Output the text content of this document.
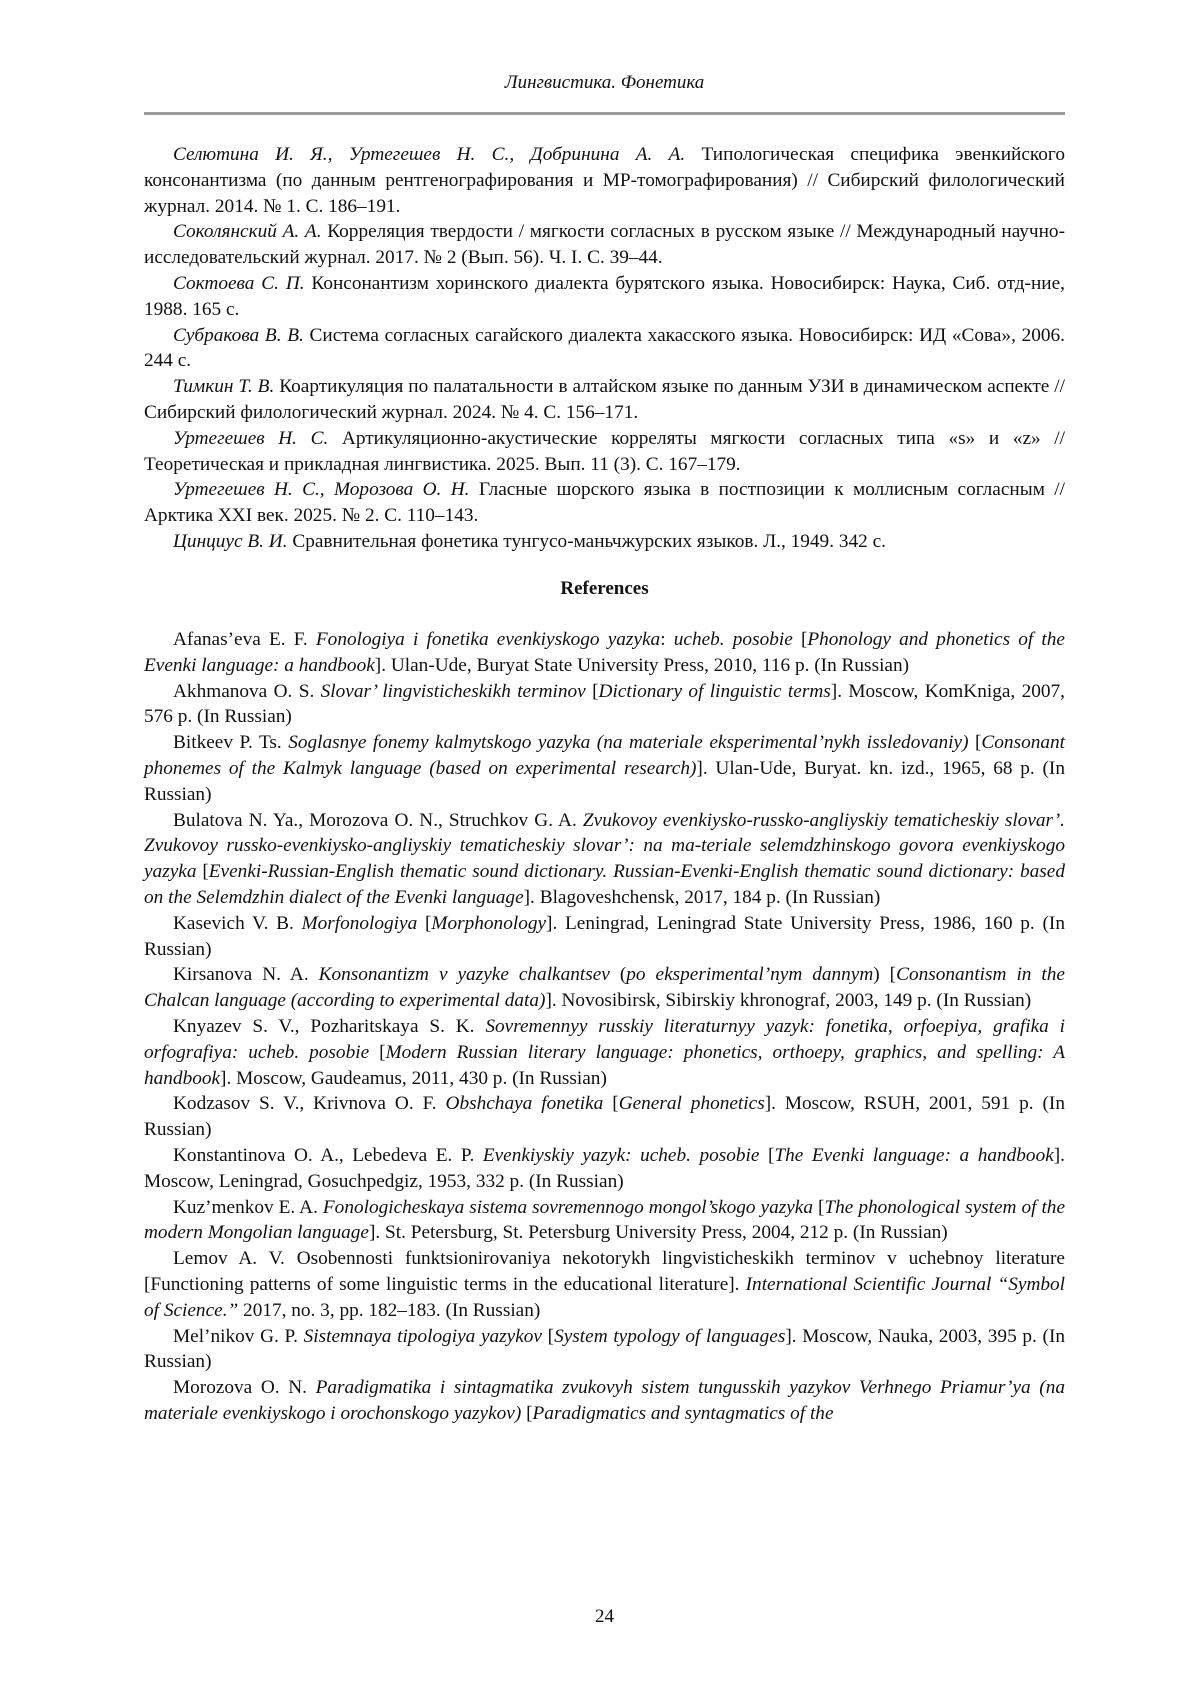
Лингвистика. Фонетика

Селютина И. Я., Уртегешев Н. С., Добринина А. А. Типологическая специфика эвенкийского консонантизма (по данным рентгенографирования и МР-томографирования) // Сибирский филологический журнал. 2014. № 1. С. 186–191.

Соколянский А. А. Корреляция твердости / мягкости согласных в русском языке // Международный научно-исследовательский журнал. 2017. № 2 (Вып. 56). Ч. I. С. 39–44.

Соктоева С. П. Консонантизм хоринского диалекта бурятского языка. Новосибирск: Наука, Сиб. отд-ние, 1988. 165 с.

Субракова В. В. Система согласных сагайского диалекта хакасского языка. Новосибирск: ИД «Сова», 2006. 244 с.

Тимкин Т. В. Коартикуляция по палатальности в алтайском языке по данным УЗИ в динамическом аспекте // Сибирский филологический журнал. 2024. № 4. С. 156–171.

Уртегешев Н. С. Артикуляционно-акустические корреляты мягкости согласных типа «s» и «z» // Теоретическая и прикладная лингвистика. 2025. Вып. 11 (3). С. 167–179.

Уртегешев Н. С., Морозова О. Н. Гласные шорского языка в постпозиции к моллисным согласным // Арктика XXI век. 2025. № 2. С. 110–143.

Цинциус В. И. Сравнительная фонетика тунгусо-маньчжурских языков. Л., 1949. 342 с.

References

Afanas’eva E. F. Fonologiya i fonetika evenkiyskogo yazyka: ucheb. posobie [Phonology and phonetics of the Evenki language: a handbook]. Ulan-Ude, Buryat State University Press, 2010, 116 p. (In Russian)

Akhmanova O. S. Slovar’ lingvisticheskikh terminov [Dictionary of linguistic terms]. Moscow, KomKniga, 2007, 576 p. (In Russian)

Bitkeev P. Ts. Soglasnye fonemy kalmytskogo yazyka (na materiale eksperimental’nykh issledovaniy) [Consonant phonemes of the Kalmyk language (based on experimental research)]. Ulan-Ude, Buryat. kn. izd., 1965, 68 p. (In Russian)

Bulatova N. Ya., Morozova O. N., Struchkov G. A. Zvukovoy evenkiysko-russko-angliyskiy tematicheskiy slovar’. Zvukovoy russko-evenkiysko-angliyskiy tematicheskiy slovar’: na ma-teriale selemdzhinskogo govora evenkiyskogo yazyka [Evenki-Russian-English thematic sound dictionary. Russian-Evenki-English thematic sound dictionary: based on the Selemdzhin dialect of the Evenki language]. Blagoveshchensk, 2017, 184 p. (In Russian)

Kasevich V. B. Morfonologiya [Morphonology]. Leningrad, Leningrad State University Press, 1986, 160 p. (In Russian)

Kirsanova N. A. Konsonantizm v yazyke chalkantsev (po eksperimental’nym dannym) [Consonantism in the Chalcan language (according to experimental data)]. Novosibirsk, Sibirskiy khronograf, 2003, 149 p. (In Russian)

Knyazev S. V., Pozharitskaya S. K. Sovremennyy russkiy literaturnyy yazyk: fonetika, orfoepiya, grafika i orfografiya: ucheb. posobie [Modern Russian literary language: phonetics, orthoepy, graphics, and spelling: A handbook]. Moscow, Gaudeamus, 2011, 430 p. (In Russian)

Kodzasov S. V., Krivnova O. F. Obshchaya fonetika [General phonetics]. Moscow, RSUH, 2001, 591 p. (In Russian)

Konstantinova O. A., Lebedeva E. P. Evenkiyskiy yazyk: ucheb. posobie [The Evenki language: a handbook]. Moscow, Leningrad, Gosuchpedgiz, 1953, 332 p. (In Russian)

Kuz’menkov E. A. Fonologicheskaya sistema sovremennogo mongol’skogo yazyka [The phonological system of the modern Mongolian language]. St. Petersburg, St. Petersburg University Press, 2004, 212 p. (In Russian)

Lemov A. V. Osobennosti funktsionirovaniya nekotorykh lingvisticheskikh terminov v uchebnoy literature [Functioning patterns of some linguistic terms in the educational literature]. International Scientific Journal “Symbol of Science.” 2017, no. 3, pp. 182–183. (In Russian)

Mel’nikov G. P. Sistemnaya tipologiya yazykov [System typology of languages]. Moscow, Nauka, 2003, 395 p. (In Russian)

Morozova O. N. Paradigmatika i sintagmatika zvukovyh sistem tungusskih yazykov Verhnego Priamur’ya (na materiale evenkiyskogo i orochonskogo yazykov) [Paradigmatics and syntagmatics of the

24
